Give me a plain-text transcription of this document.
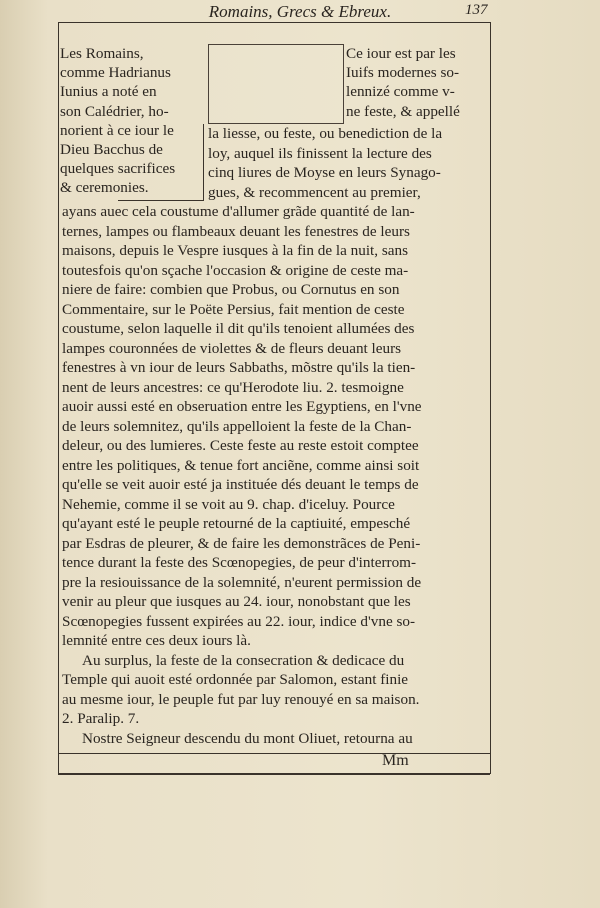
Romains, Grecs & Ebreux.	137
Les Romains,
comme Hadrianus
Iunius a noté en
son Calédrier, ho-
norient à ce iour le
Dieu Bacchus de
quelques sacrifices
& ceremonies.
Ce iour est par les
Iuifs modernes so-
lennizé comme v-
ne feste, & appellé
la liesse, ou feste, ou benediction de la
loy, auquel ils finissent la lecture des
cinq liures de Moyse en leurs Synago-
gues, & recommencent au premier,
ayans auec cela coustume d'allumer grãde quantité de lan-
ternes, lampes ou flambeaux deuant les fenestres de leurs
maisons, depuis le Vespre iusques à la fin de la nuit, sans
toutesfois qu'on sçache l'occasion & origine de ceste ma-
niere de faire: combien que Probus, ou Cornutus en son
Commentaire, sur le Poëte Persius, fait mention de ceste
coustume, selon laquelle il dit qu'ils tenoient allumées des
lampes couronnées de violettes & de fleurs deuant leurs
fenestres à vn iour de leurs Sabbaths, mõstre qu'ils la tien-
nent de leurs ancestres: ce qu'Herodote liu. 2. tesmoigne
auoir aussi esté en obseruation entre les Egyptiens, en l'vne
de leurs solemnitez, qu'ils appelloient la feste de la Chan-
deleur, ou des lumieres. Ceste feste au reste estoit comptee
entre les politiques, & tenue fort anciẽne, comme ainsi soit
qu'elle se veit auoir esté ja instituée dés deuant le temps de
Nehemie, comme il se voit au 9. chap. d'iceluy. Pource
qu'ayant esté le peuple retourné de la captiuité, empesché
par Esdras de pleurer, & de faire les demonstrãces de Peni-
tence durant la feste des Scœnopegies, de peur d'interrom-
pre la resiouissance de la solemnité, n'eurent permission de
venir au pleur que iusques au 24. iour, nonobstant que les
Scœnopegies fussent expirées au 22. iour, indice d'vne so-
lemnité entre ces deux iours là.
Au surplus, la feste de la consecration & dedicace du
Temple qui auoit esté ordonnée par Salomon, estant finie
au mesme iour, le peuple fut par luy renouyé en sa maison.
2. Paralip. 7.
Nostre Seigneur descendu du mont Oliuet, retourna au
Mm
